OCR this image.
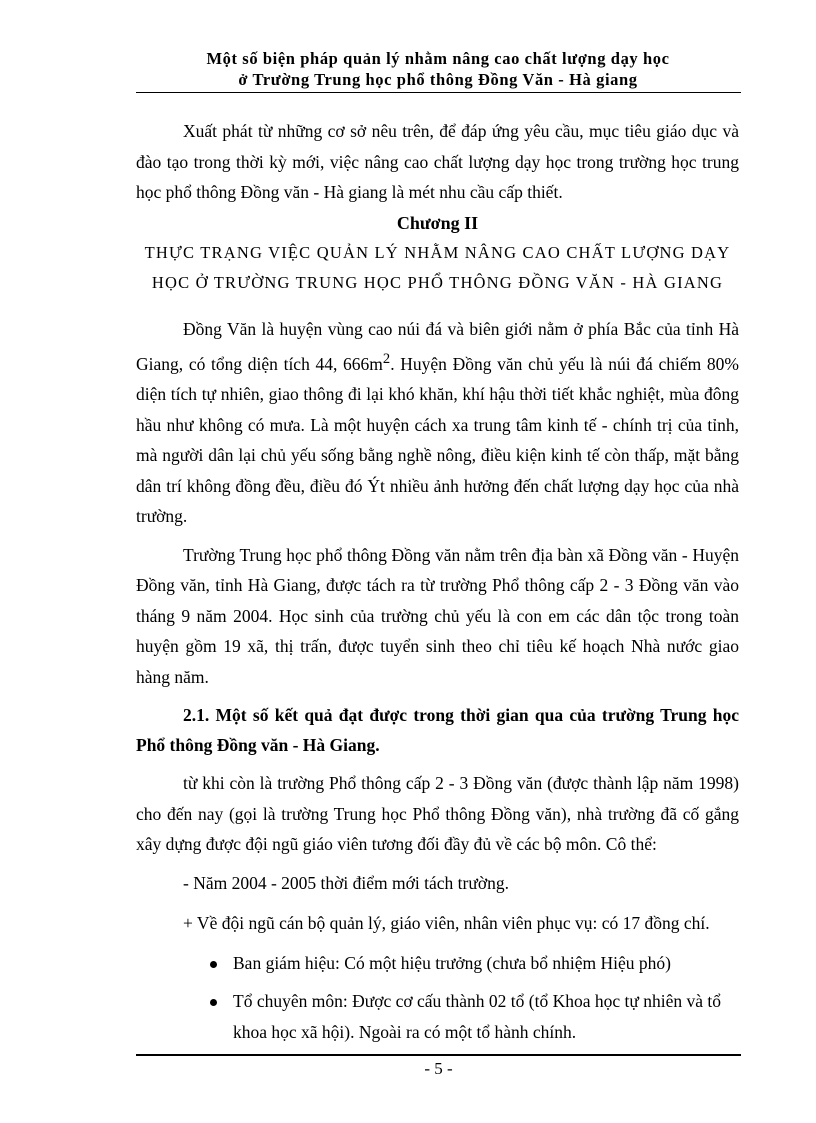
Một số biện pháp quản lý nhằm nâng cao chất lượng dạy học
ở Trường Trung học phổ thông Đồng Văn - Hà giang

Xuất phát từ những cơ sở nêu trên, để đáp ứng yêu cầu, mục tiêu giáo dục và đào tạo trong thời kỳ mới, việc nâng cao chất lượng dạy học trong trường học trung học phổ thông Đồng văn - Hà giang là mét nhu cầu cấp thiết.

Chương II

THỰC TRẠNG VIỆC QUẢN LÝ NHẰM NÂNG CAO CHẤT LƯỢNG DẠY HỌC Ở TRƯỜNG TRUNG HỌC PHỔ THÔNG ĐỒNG VĂN - HÀ GIANG

Đồng Văn là huyện vùng cao núi đá và biên giới nằm ở phía Bắc của tỉnh Hà Giang, có tổng diện tích 44, $666m^2$. Huyện Đồng văn chủ yếu là núi đá chiếm 80% diện tích tự nhiên, giao thông đi lại khó khăn, khí hậu thời tiết khắc nghiệt, mùa đông hầu như không có mưa. Là một huyện cách xa trung tâm kinh tế - chính trị của tỉnh, mà người dân lại chủ yếu sống bằng nghề nông, điều kiện kinh tế còn thấp, mặt bằng dân trí không đồng đều, điều đó Ýt nhiều ảnh hưởng đến chất lượng dạy học của nhà trường.

Trường Trung học phổ thông Đồng văn nằm trên địa bàn xã Đồng văn - Huyện Đồng văn, tỉnh Hà Giang, được tách ra từ trường Phổ thông cấp 2 - 3 Đồng văn vào tháng 9 năm 2004. Học sinh của trường chủ yếu là con em các dân tộc trong toàn huyện gồm 19 xã, thị trấn, được tuyển sinh theo chỉ tiêu kế hoạch Nhà nước giao hàng năm.

2.1. Một số kết quả đạt được trong thời gian qua của trường Trung học Phổ thông Đồng văn - Hà Giang.

từ khi còn là trường Phổ thông cấp 2 - 3 Đồng văn (được thành lập năm 1998) cho đến nay (gọi là trường Trung học Phổ thông Đồng văn), nhà trường đã cố gắng xây dựng được đội ngũ giáo viên tương đối đầy đủ về các bộ môn. Cô thể:

- Năm 2004 - 2005 thời điểm mới tách trường.

+ Về đội ngũ cán bộ quản lý, giáo viên, nhân viên phục vụ: có 17 đồng chí.

Ban giám hiệu: Có một hiệu trưởng (chưa bổ nhiệm Hiệu phó)
Tổ chuyên môn: Được cơ cấu thành 02 tổ (tổ Khoa học tự nhiên và tổ khoa học xã hội). Ngoài ra có một tổ hành chính.
- 5 -
